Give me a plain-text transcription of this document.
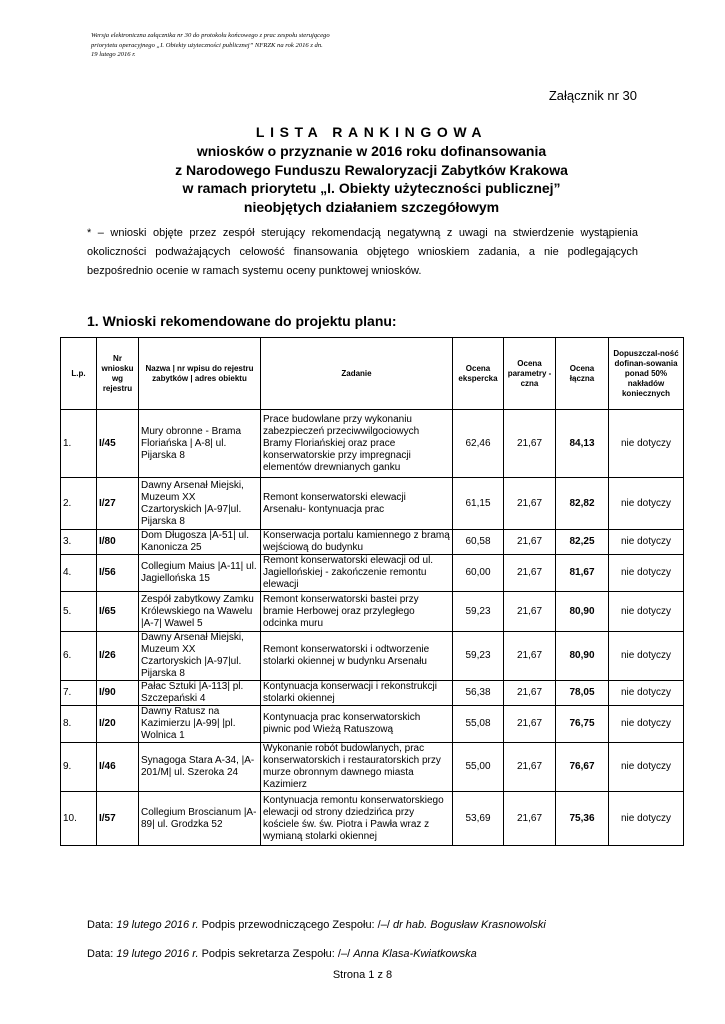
Wersja elektroniczna załącznika nr 30 do protokołu końcowego z prac zespołu sterującego priorytetu operacyjnego „I. Obiekty użyteczności publicznej” NFRZK na rok 2016 z dn. 19 lutego 2016 r.
Załącznik nr 30
LISTA RANKINGOWA
wniosków o przyznanie w 2016 roku dofinansowania
z Narodowego Funduszu Rewaloryzacji Zabytków Krakowa
w ramach priorytetu „I. Obiekty użyteczności publicznej”
nieobjętych działaniem szczegółowym
* – wnioski objęte przez zespół sterujący rekomendacją negatywną z uwagi na stwierdzenie wystąpienia okoliczności podważających celowość finansowania objętego wnioskiem zadania, a nie podlegających bezpośrednio ocenie w ramach systemu oceny punktowej wniosków.
1. Wnioski rekomendowane do projektu planu:
L.p.	Nr wniosku wg rejestru	Nazwa | nr wpisu do rejestru zabytków | adres obiektu	Zadanie	Ocena ekspercka	Ocena parametry -czna	Ocena łączna	Dopuszczal-ność dofinan-sowania ponad 50% nakładów koniecznych
1.	I/45	Mury obronne - Brama Floriańska | A-8| ul. Pijarska 8	Prace budowlane przy wykonaniu zabezpieczeń przeciwwilgociowych Bramy Floriańskiej oraz prace konserwatorskie przy impregnacji elementów drewnianych ganku	62,46	21,67	84,13	nie dotyczy
2.	I/27	Dawny Arsenał Miejski, Muzeum XX Czartoryskich |A-97|ul. Pijarska 8	Remont konserwatorski elewacji Arsenału- kontynuacja prac	61,15	21,67	82,82	nie dotyczy
3.	I/80	Dom Długosza |A-51| ul. Kanonicza 25	Konserwacja portalu kamiennego z bramą wejściową do budynku	60,58	21,67	82,25	nie dotyczy
4.	I/56	Collegium Maius |A-11| ul. Jagiellońska 15	Remont konserwatorski elewacji od ul. Jagiellońskiej - zakończenie remontu elewacji	60,00	21,67	81,67	nie dotyczy
5.	I/65	Zespół zabytkowy Zamku Królewskiego na Wawelu |A-7| Wawel 5	Remont konserwatorski bastei przy bramie Herbowej oraz przyległego odcinka muru	59,23	21,67	80,90	nie dotyczy
6.	I/26	Dawny Arsenał Miejski, Muzeum XX Czartoryskich |A-97|ul. Pijarska 8	Remont konserwatorski i odtworzenie stolarki okiennej w budynku Arsenału	59,23	21,67	80,90	nie dotyczy
7.	I/90	Pałac Sztuki |A-113| pl. Szczepański 4	Kontynuacja konserwacji i rekonstrukcji stolarki okiennej	56,38	21,67	78,05	nie dotyczy
8.	I/20	Dawny Ratusz na Kazimierzu |A-99| |pl. Wolnica 1	Kontynuacja prac konserwatorskich piwnic pod Wieżą Ratuszową	55,08	21,67	76,75	nie dotyczy
9.	I/46	Synagoga Stara A-34, |A-201/M| ul. Szeroka 24	Wykonanie robót budowlanych, prac konserwatorskich i restauratorskich przy murze obronnym dawnego miasta Kazimierz	55,00	21,67	76,67	nie dotyczy
10.	I/57	Collegium Broscianum |A-89| ul. Grodzka 52	Kontynuacja remontu konserwatorskiego elewacji od strony dziedzińca przy kościele św. św. Piotra i Pawła wraz z wymianą stolarki okiennej	53,69	21,67	75,36	nie dotyczy
Data: 19 lutego 2016 r. Podpis przewodniczącego Zespołu: /–/ dr hab. Bogusław Krasnowolski
Data: 19 lutego 2016 r. Podpis sekretarza Zespołu: /–/ Anna Klasa-Kwiatkowska
Strona 1 z 8
